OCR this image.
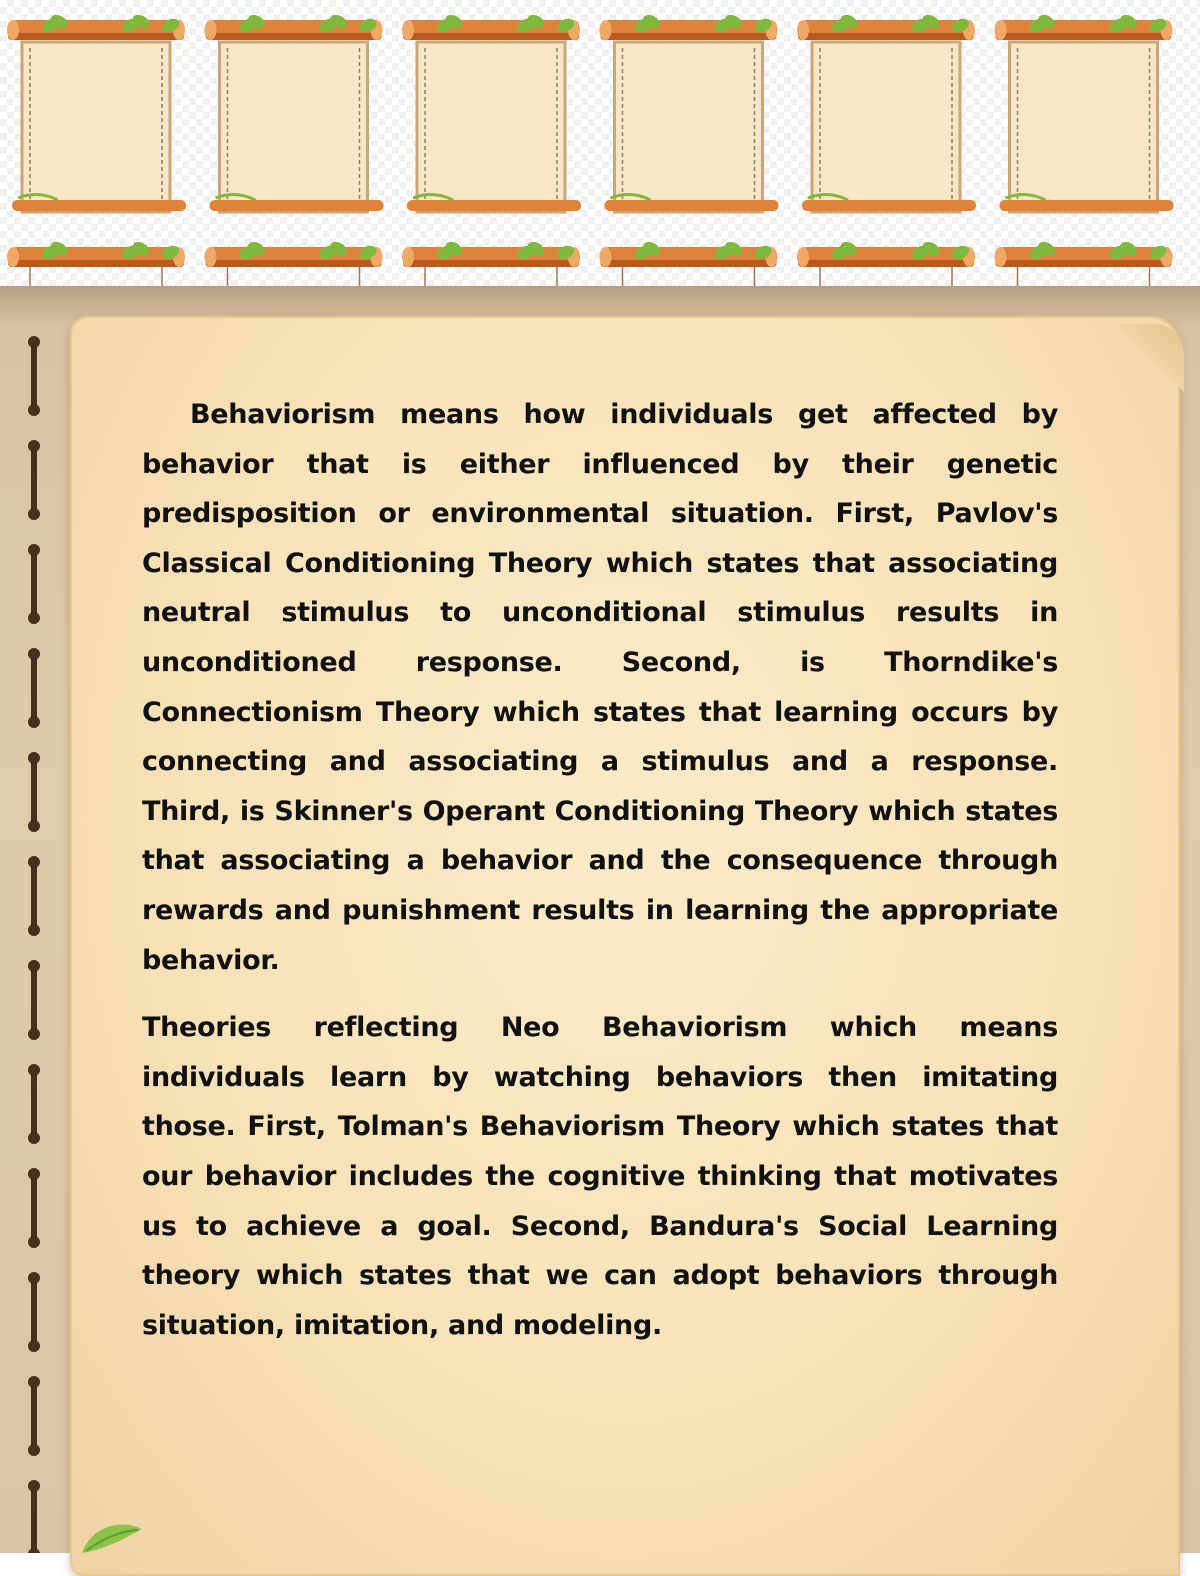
Behaviorism means how individuals get affected by behavior that is either influenced by their genetic predisposition or environmental situation. First, Pavlov's Classical Conditioning Theory which states that associating neutral stimulus to unconditional stimulus results in unconditioned response. Second, is Thorndike's Connectionism Theory which states that learning occurs by connecting and associating a stimulus and a response. Third, is Skinner's Operant Conditioning Theory which states that associating a behavior and the consequence through rewards and punishment results in learning the appropriate behavior.

Theories reflecting Neo Behaviorism which means individuals learn by watching behaviors then imitating those. First, Tolman's Behaviorism Theory which states that our behavior includes the cognitive thinking that motivates us to achieve a goal. Second, Bandura's Social Learning theory which states that we can adopt behaviors through situation, imitation, and modeling.
